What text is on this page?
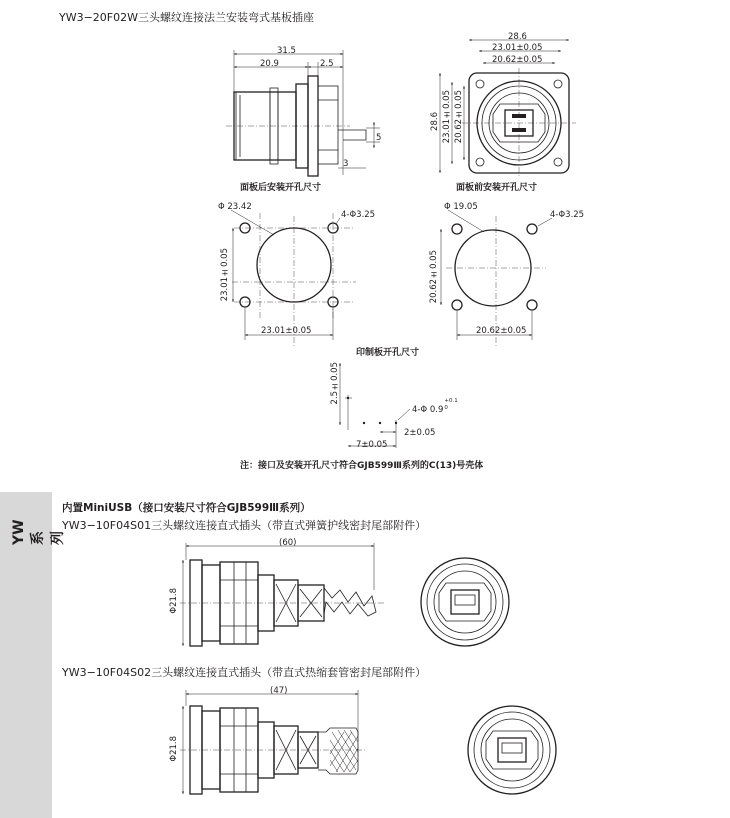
YW系列
YW3−20F02W三头螺纹连接法兰安装弯式基板插座
31.5
20.9	2.5
5
3
28.6
23.01±0.05
20.62±0.05
28.6 23.01±0.05 20.62±0.05
面板后安装开孔尺寸	面板前安装开孔尺寸
Φ 23.42
4-Φ3.25
23.01±0.05
23.01±0.05
Φ 19.05
4-Φ3.25
20.62±0.05
20.62±0.05
印制板开孔尺寸
2.5±0.05
4-Φ 0.9
+0.1
0
2±0.05
7±0.05
注：接口及安装开孔尺寸符合GJB599Ⅲ系列的C(13)号壳体
内置MiniUSB（接口安装尺寸符合GJB599Ⅲ系列）
YW3−10F04S01三头螺纹连接直式插头（带直式弹簧护线密封尾部附件）
(60)
Φ21.8
YW3−10F04S02三头螺纹连接直式插头（带直式热缩套管密封尾部附件）
(47)
Φ21.8
